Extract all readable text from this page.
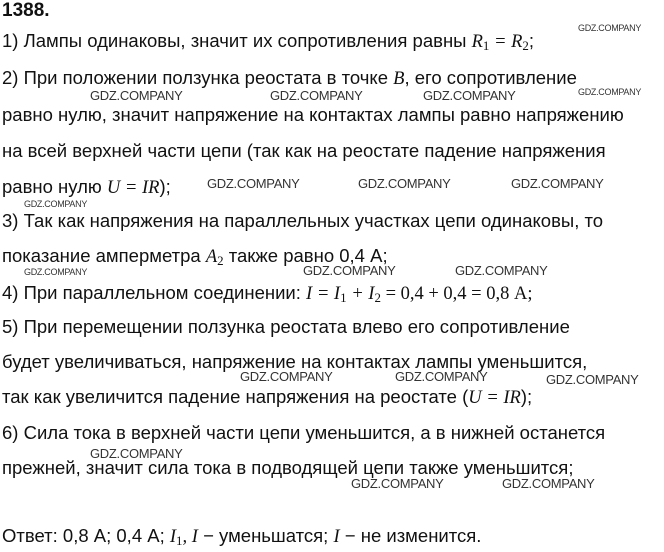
1388.
1) Лампы одинаковы, значит их сопротивления равны $R_1 = R_2$;
2) При положении ползунка реостата в точке B, его сопротивление
равно нулю, значит напряжение на контактах лампы равно напряжению
на всей верхней части цепи (так как на реостате падение напряжения
равно нулю U = IR);
3) Так как напряжения на параллельных участках цепи одинаковы, то
показание амперметра $A_2$ также равно 0,4 А;
4) При параллельном соединении: $I = I_1 + I_2 = 0,4 + 0,4 = 0,8$ А;
5) При перемещении ползунка реостата влево его сопротивление
будет увеличиваться, напряжение на контактах лампы уменьшится,
так как увеличится падение напряжения на реостате (U = IR);
6) Сила тока в верхней части цепи уменьшится, а в нижней останется
прежней, значит сила тока в подводящей цепи также уменьшится;
Ответ: 0,8 А; 0,4 А; $I_1$, I − уменьшатся; I − не изменится.
GDZ.COMPANY
GDZ.COMPANY	GDZ.COMPANY	GDZ.COMPANY	GDZ.COMPANY
GDZ.COMPANY	GDZ.COMPANY	GDZ.COMPANY
GDZ.COMPANY
GDZ.COMPANY	GDZ.COMPANY	GDZ.COMPANY
GDZ.COMPANY	GDZ.COMPANY	GDZ.COMPANY
GDZ.COMPANY
GDZ.COMPANY	GDZ.COMPANY
